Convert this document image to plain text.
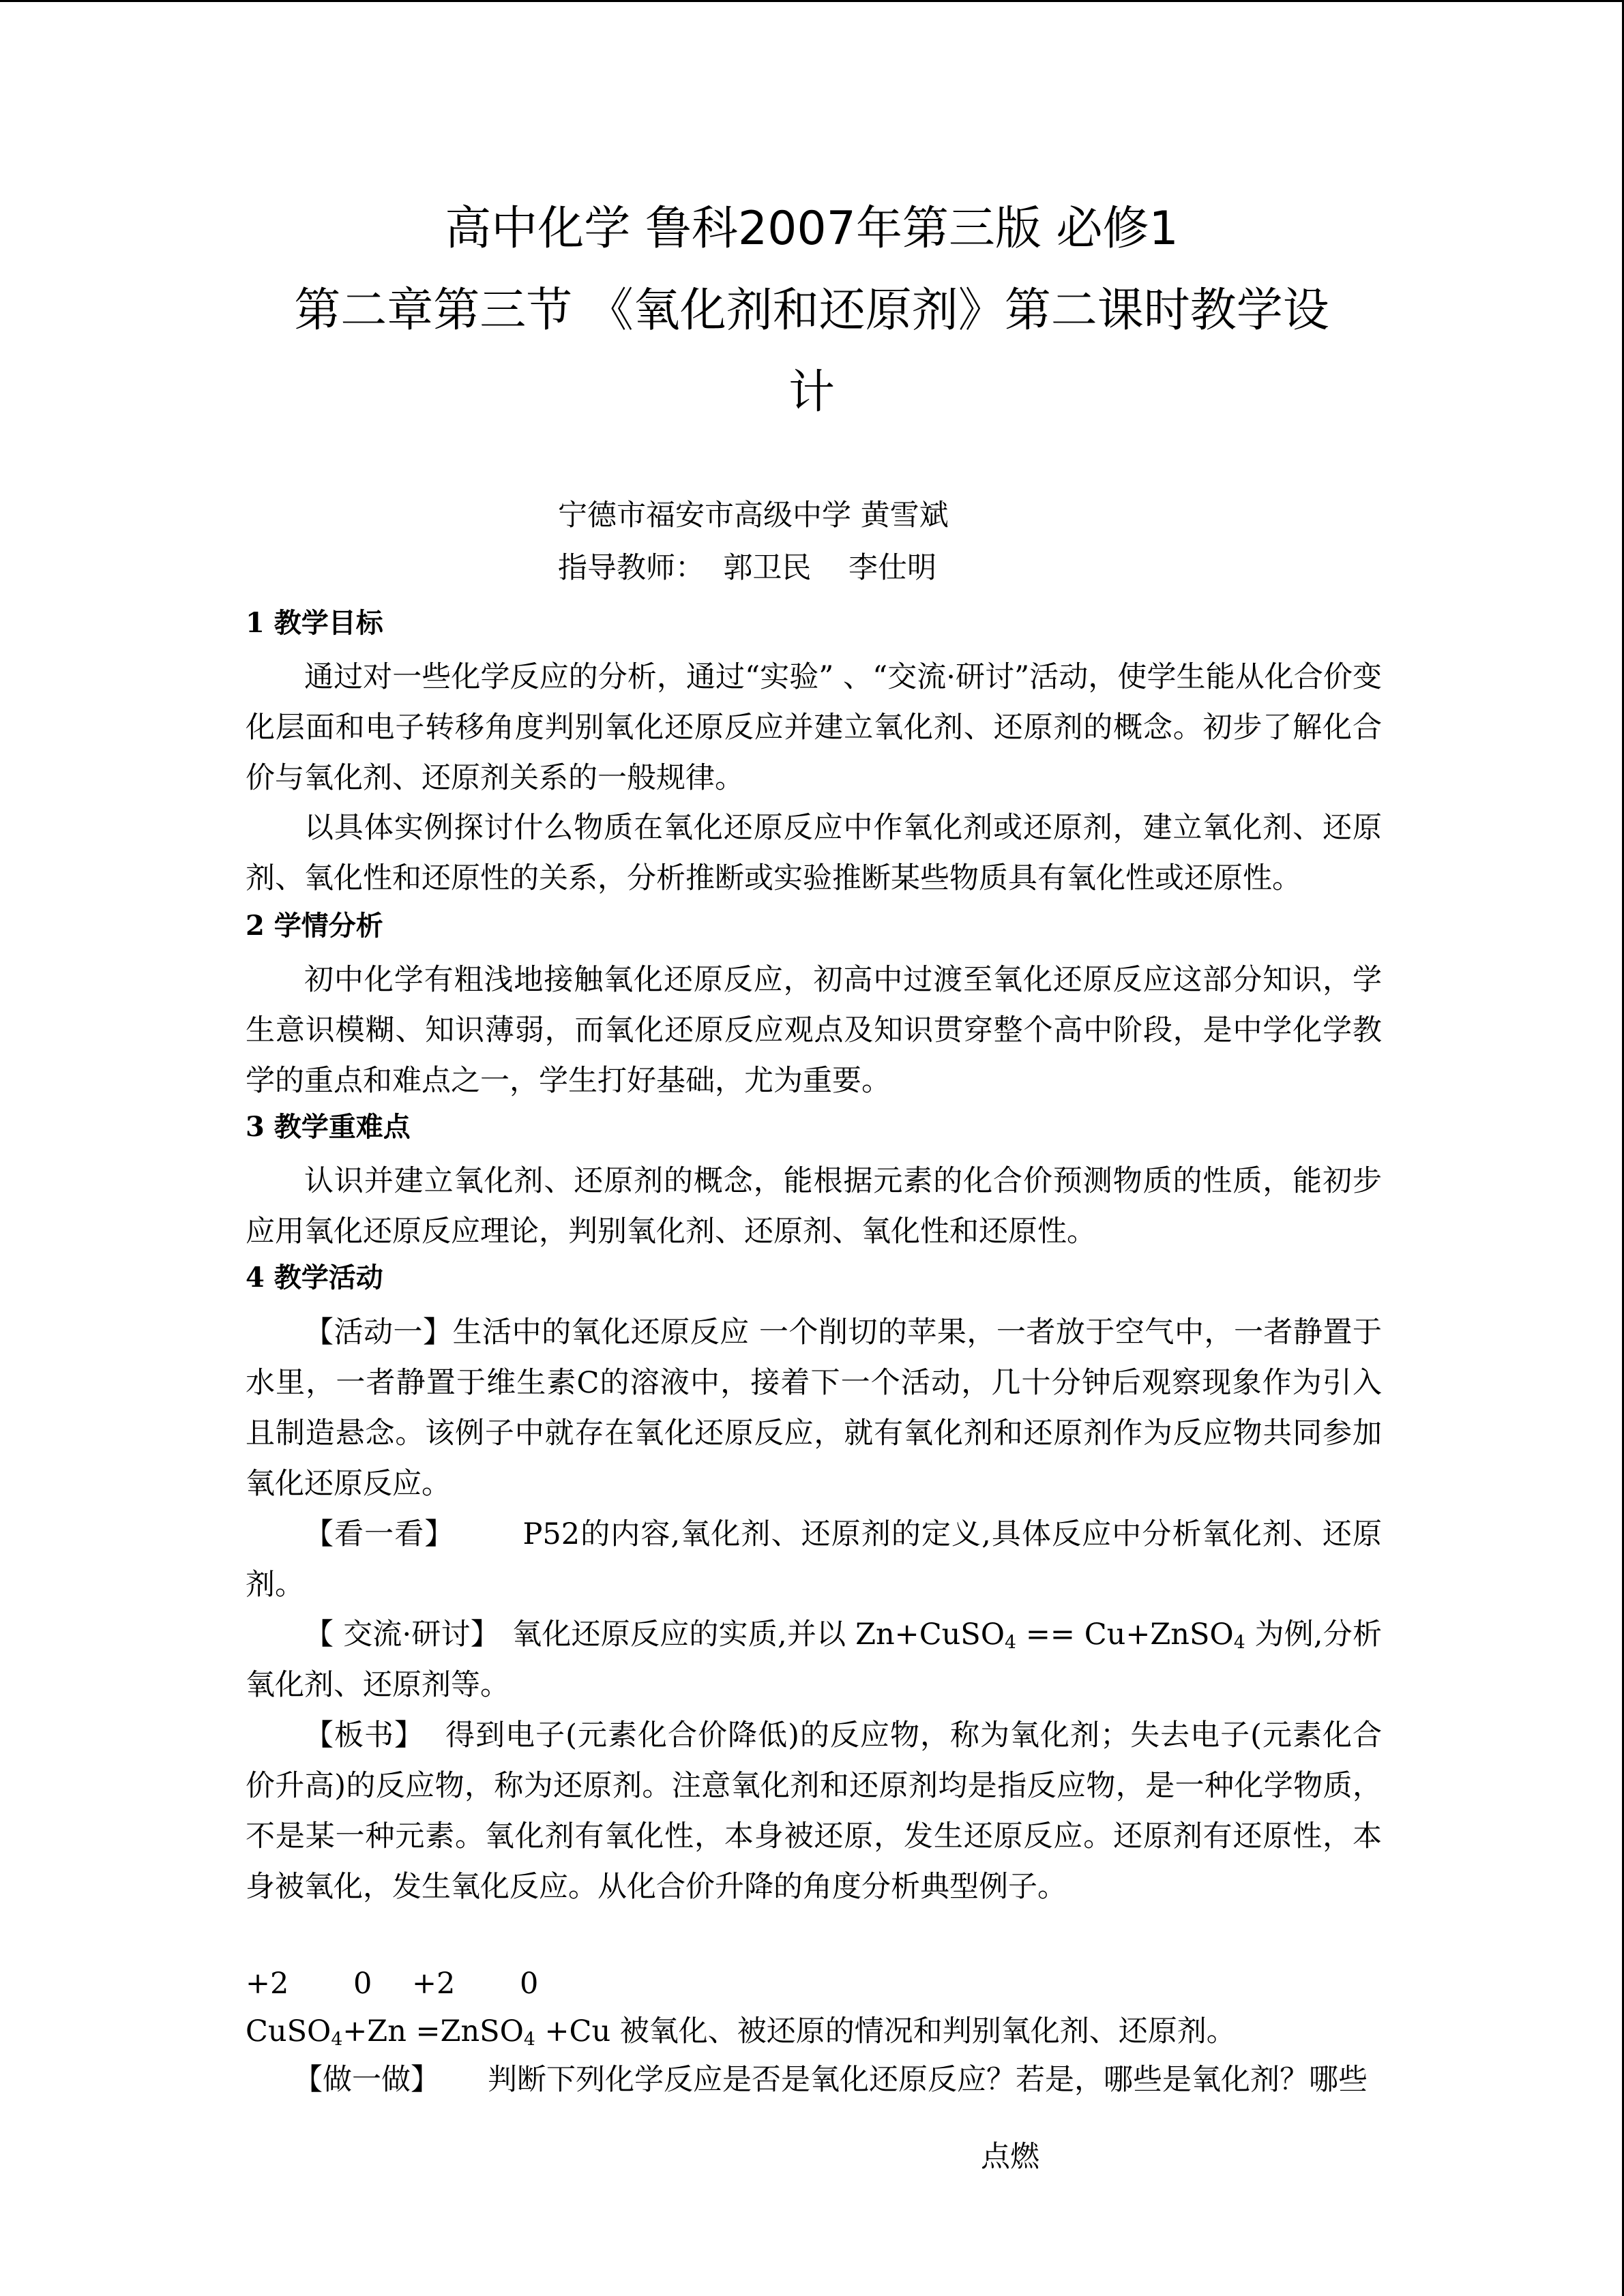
高中化学 鲁科2007年第三版 必修1
第二章第三节 《氧化剂和还原剂》第二课时教学设
计
宁德市福安市高级中学 黄雪斌
指导教师：  郭卫民    李仕明
1 教学目标
通过对一些化学反应的分析，通过“实验” 、“交流·研讨”活动，使学生能从化合价变化层面和电子转移角度判别氧化还原反应并建立氧化剂、还原剂的概念。初步了解化合价与氧化剂、还原剂关系的一般规律。
以具体实例探讨什么物质在氧化还原反应中作氧化剂或还原剂，建立氧化剂、还原剂、氧化性和还原性的关系，分析推断或实验推断某些物质具有氧化性或还原性。
2 学情分析
初中化学有粗浅地接触氧化还原反应，初高中过渡至氧化还原反应这部分知识，学生意识模糊、知识薄弱，而氧化还原反应观点及知识贯穿整个高中阶段，是中学化学教学的重点和难点之一，学生打好基础，尤为重要。
3 教学重难点
认识并建立氧化剂、还原剂的概念，能根据元素的化合价预测物质的性质，能初步应用氧化还原反应理论，判别氧化剂、还原剂、氧化性和还原性。
4 教学活动
【活动一】生活中的氧化还原反应 一个削切的苹果，一者放于空气中，一者静置于水里，一者静置于维生素C的溶液中，接着下一个活动，几十分钟后观察现象作为引入且制造悬念。该例子中就存在氧化还原反应，就有氧化剂和还原剂作为反应物共同参加氧化还原反应。
【看一看】 P52的内容,氧化剂、还原剂的定义,具体反应中分析氧化剂、还原剂。
【 交流·研讨】 氧化还原反应的实质,并以 Zn+CuSO$_4$ == Cu+ZnSO$_4$ 为例,分析氧化剂、还原剂等。
【板书】 得到电子(元素化合价降低)的反应物，称为氧化剂；失去电子(元素化合价升高)的反应物，称为还原剂。注意氧化剂和还原剂均是指反应物，是一种化学物质，不是某一种元素。氧化剂有氧化性，本身被还原，发生还原反应。还原剂有还原性，本身被氧化，发生氧化反应。从化合价升降的角度分析典型例子。
+2 0 +2 0
CuSO$_4$+Zn =ZnSO$_4$ +Cu 被氧化、被还原的情况和判别氧化剂、还原剂。
【做一做】 判断下列化学反应是否是氧化还原反应？若是，哪些是氧化剂？哪些
点燃
